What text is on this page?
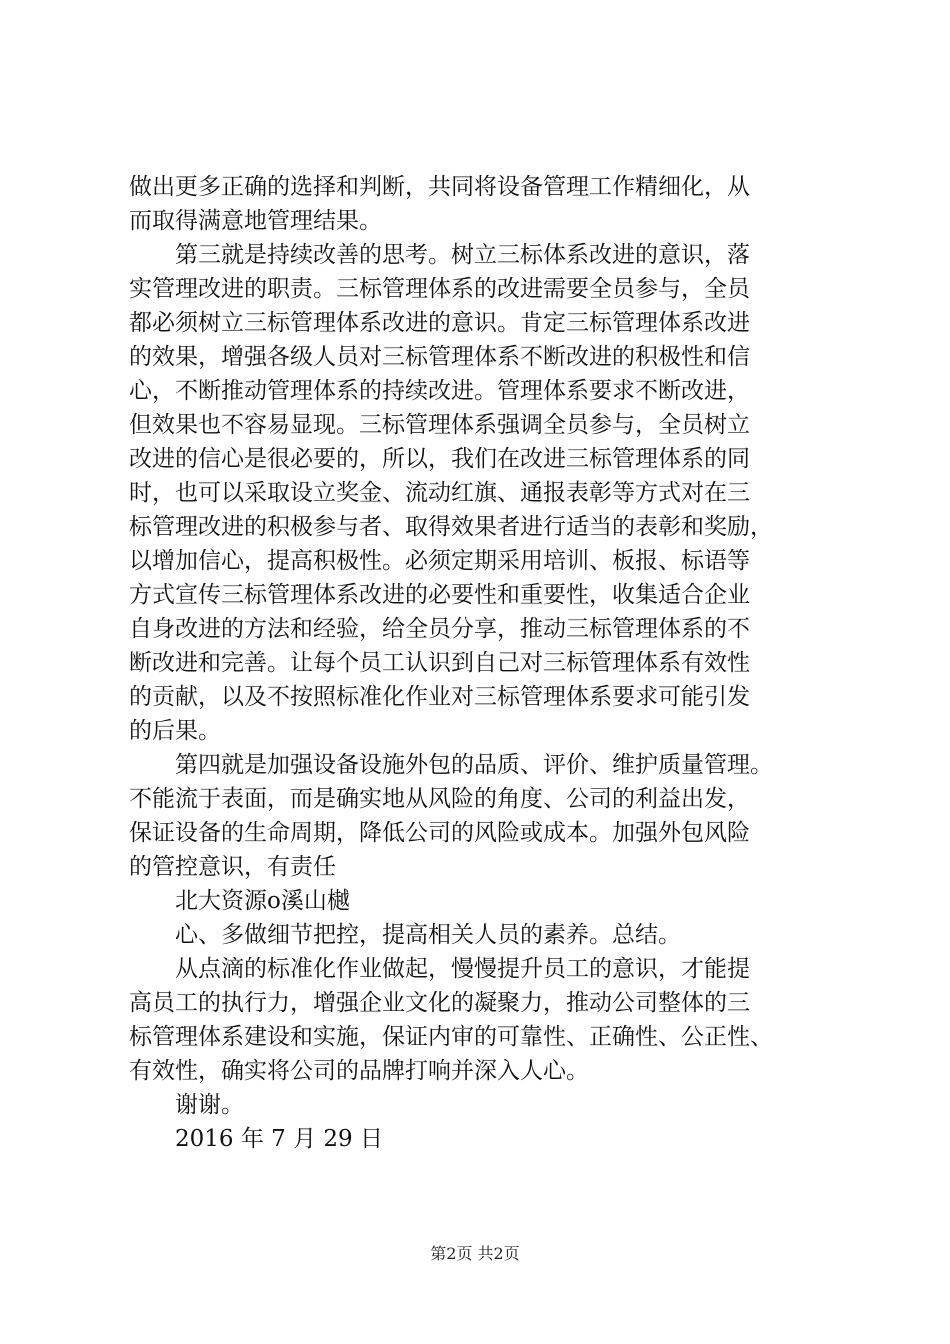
做出更多正确的选择和判断，共同将设备管理工作精细化，从
而取得满意地管理结果。
第三就是持续改善的思考。树立三标体系改进的意识，落
实管理改进的职责。三标管理体系的改进需要全员参与，全员
都必须树立三标管理体系改进的意识。肯定三标管理体系改进
的效果，增强各级人员对三标管理体系不断改进的积极性和信
心，不断推动管理体系的持续改进。管理体系要求不断改进，
但效果也不容易显现。三标管理体系强调全员参与，全员树立
改进的信心是很必要的，所以，我们在改进三标管理体系的同
时，也可以采取设立奖金、流动红旗、通报表彰等方式对在三
标管理改进的积极参与者、取得效果者进行适当的表彰和奖励，
以增加信心，提高积极性。必须定期采用培训、板报、标语等
方式宣传三标管理体系改进的必要性和重要性，收集适合企业
自身改进的方法和经验，给全员分享，推动三标管理体系的不
断改进和完善。让每个员工认识到自己对三标管理体系有效性
的贡献，以及不按照标准化作业对三标管理体系要求可能引发
的后果。
第四就是加强设备设施外包的品质、评价、维护质量管理。
不能流于表面，而是确实地从风险的角度、公司的利益出发，
保证设备的生命周期，降低公司的风险或成本。加强外包风险
的管控意识，有责任
北大资源o溪山樾
心、多做细节把控，提高相关人员的素养。总结。
从点滴的标准化作业做起，慢慢提升员工的意识，才能提
高员工的执行力，增强企业文化的凝聚力，推动公司整体的三
标管理体系建设和实施，保证内审的可靠性、正确性、公正性、
有效性，确实将公司的品牌打响并深入人心。
谢谢。
2016 年 7 月 29 日
第2页 共2页
